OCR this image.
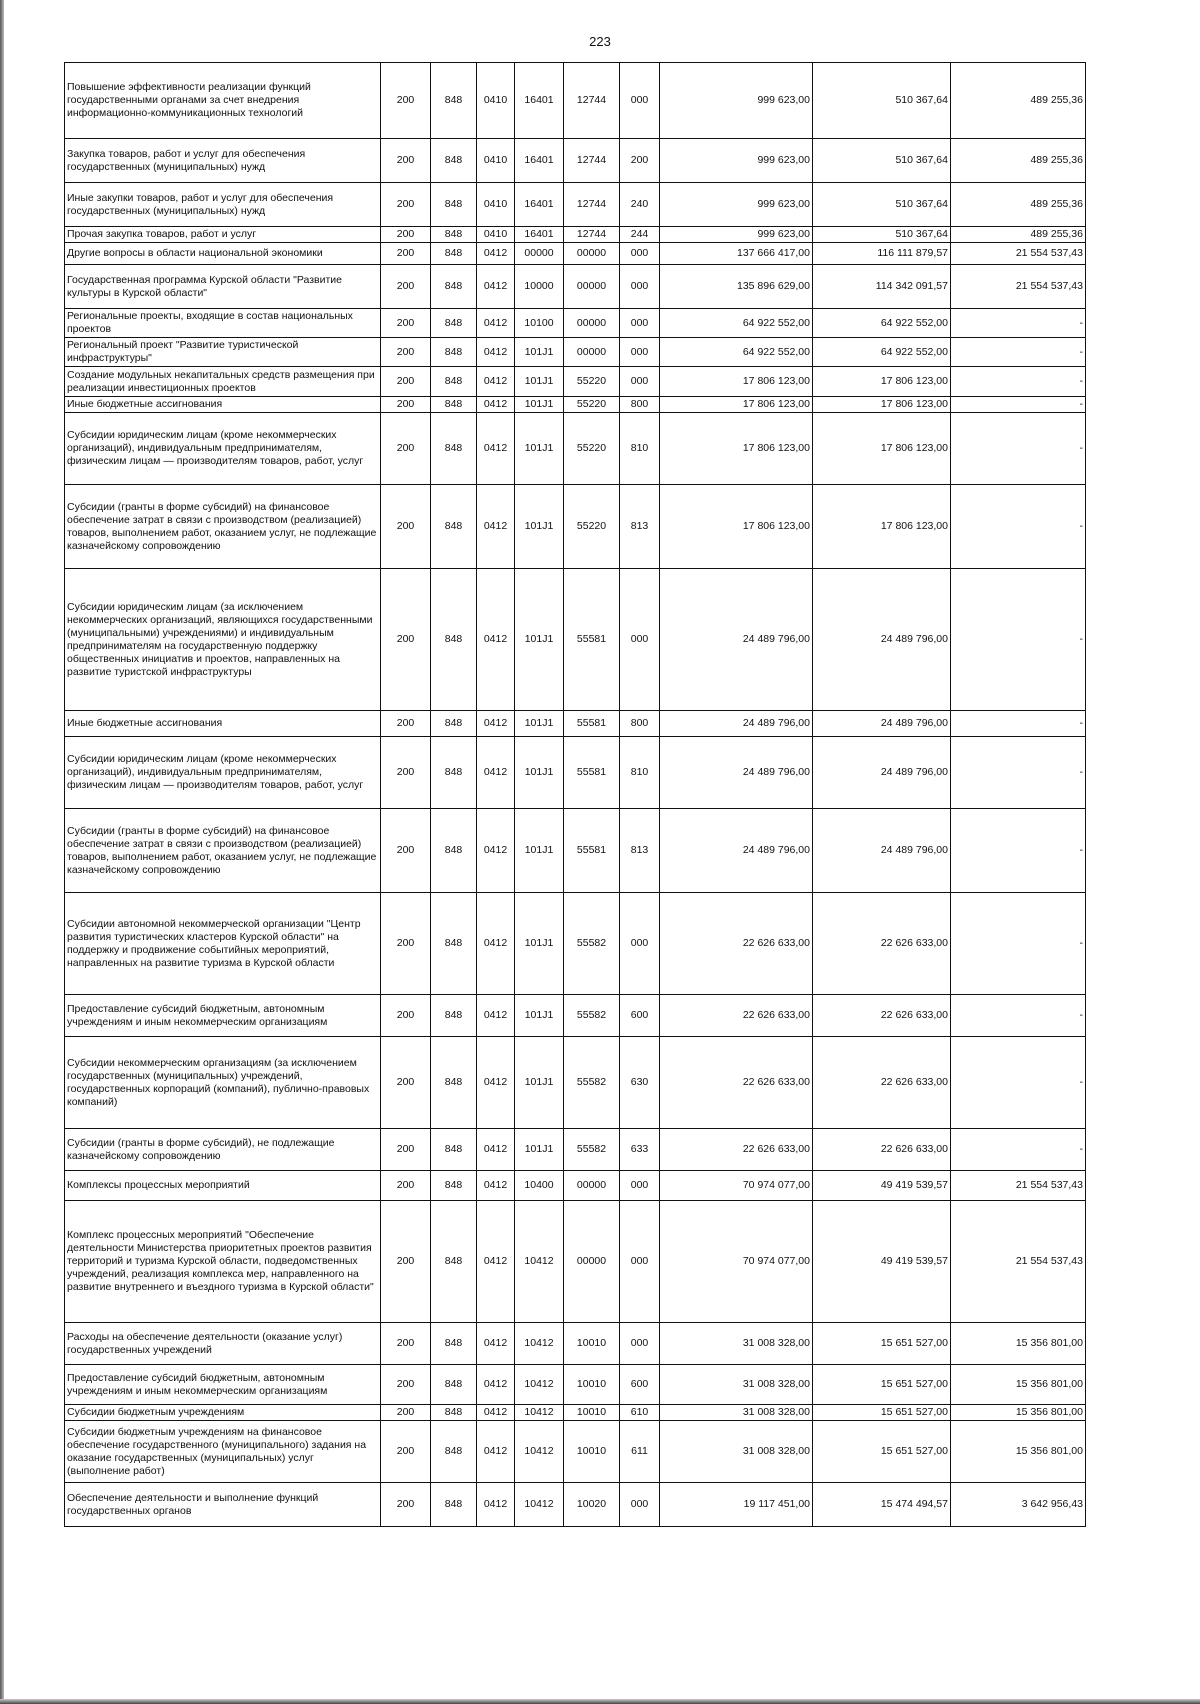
223
Повышение эффективности реализации функций государственными органами за счет внедрения информационно-коммуникационных технологий	200	848	0410	16401	12744	000	999 623,00	510 367,64	489 255,36
Закупка товаров, работ и услуг для обеспечения государственных (муниципальных) нужд	200	848	0410	16401	12744	200	999 623,00	510 367,64	489 255,36
Иные закупки товаров, работ и услуг для обеспечения государственных (муниципальных) нужд	200	848	0410	16401	12744	240	999 623,00	510 367,64	489 255,36
Прочая закупка товаров, работ и услуг	200	848	0410	16401	12744	244	999 623,00	510 367,64	489 255,36
Другие вопросы в области национальной экономики	200	848	0412	00000	00000	000	137 666 417,00	116 111 879,57	21 554 537,43
Государственная программа Курской области "Развитие культуры в Курской области"	200	848	0412	10000	00000	000	135 896 629,00	114 342 091,57	21 554 537,43
Региональные проекты, входящие в состав национальных проектов	200	848	0412	10100	00000	000	64 922 552,00	64 922 552,00	-
Региональный проект "Развитие туристической инфраструктуры"	200	848	0412	101J1	00000	000	64 922 552,00	64 922 552,00	-
Создание модульных некапитальных средств размещения при реализации инвестиционных проектов	200	848	0412	101J1	55220	000	17 806 123,00	17 806 123,00	-
Иные бюджетные ассигнования	200	848	0412	101J1	55220	800	17 806 123,00	17 806 123,00	-
Субсидии юридическим лицам (кроме некоммерческих организаций), индивидуальным предпринимателям, физическим лицам — производителям товаров, работ, услуг	200	848	0412	101J1	55220	810	17 806 123,00	17 806 123,00	-
Субсидии (гранты в форме субсидий) на финансовое обеспечение затрат в связи с производством (реализацией) товаров, выполнением работ, оказанием услуг, не подлежащие казначейскому сопровождению	200	848	0412	101J1	55220	813	17 806 123,00	17 806 123,00	-
Субсидии юридическим лицам (за исключением некоммерческих организаций, являющихся государственными (муниципальными) учреждениями) и индивидуальным предпринимателям на государственную поддержку общественных инициатив и проектов, направленных на развитие туристской инфраструктуры	200	848	0412	101J1	55581	000	24 489 796,00	24 489 796,00	-
Иные бюджетные ассигнования	200	848	0412	101J1	55581	800	24 489 796,00	24 489 796,00	-
Субсидии юридическим лицам (кроме некоммерческих организаций), индивидуальным предпринимателям, физическим лицам — производителям товаров, работ, услуг	200	848	0412	101J1	55581	810	24 489 796,00	24 489 796,00	-
Субсидии (гранты в форме субсидий) на финансовое обеспечение затрат в связи с производством (реализацией) товаров, выполнением работ, оказанием услуг, не подлежащие казначейскому сопровождению	200	848	0412	101J1	55581	813	24 489 796,00	24 489 796,00	-
Субсидии автономной некоммерческой организации "Центр развития туристических кластеров Курской области" на поддержку и продвижение событийных мероприятий, направленных на развитие туризма в Курской области	200	848	0412	101J1	55582	000	22 626 633,00	22 626 633,00	-
Предоставление субсидий бюджетным, автономным учреждениям и иным некоммерческим организациям	200	848	0412	101J1	55582	600	22 626 633,00	22 626 633,00	-
Субсидии некоммерческим организациям (за исключением государственных (муниципальных) учреждений, государственных корпораций (компаний), публично-правовых компаний)	200	848	0412	101J1	55582	630	22 626 633,00	22 626 633,00	-
Субсидии (гранты в форме субсидий), не подлежащие казначейскому сопровождению	200	848	0412	101J1	55582	633	22 626 633,00	22 626 633,00	-
Комплексы процессных мероприятий	200	848	0412	10400	00000	000	70 974 077,00	49 419 539,57	21 554 537,43
Комплекс процессных мероприятий "Обеспечение деятельности Министерства приоритетных проектов развития территорий и туризма Курской области, подведомственных учреждений, реализация комплекса мер, направленного на развитие внутреннего и въездного туризма в Курской области"	200	848	0412	10412	00000	000	70 974 077,00	49 419 539,57	21 554 537,43
Расходы на обеспечение деятельности (оказание услуг) государственных учреждений	200	848	0412	10412	10010	000	31 008 328,00	15 651 527,00	15 356 801,00
Предоставление субсидий бюджетным, автономным учреждениям и иным некоммерческим организациям	200	848	0412	10412	10010	600	31 008 328,00	15 651 527,00	15 356 801,00
Субсидии бюджетным учреждениям	200	848	0412	10412	10010	610	31 008 328,00	15 651 527,00	15 356 801,00
Субсидии бюджетным учреждениям на финансовое обеспечение государственного (муниципального) задания на оказание государственных (муниципальных) услуг (выполнение работ)	200	848	0412	10412	10010	611	31 008 328,00	15 651 527,00	15 356 801,00
Обеспечение деятельности и выполнение функций государственных органов	200	848	0412	10412	10020	000	19 117 451,00	15 474 494,57	3 642 956,43
